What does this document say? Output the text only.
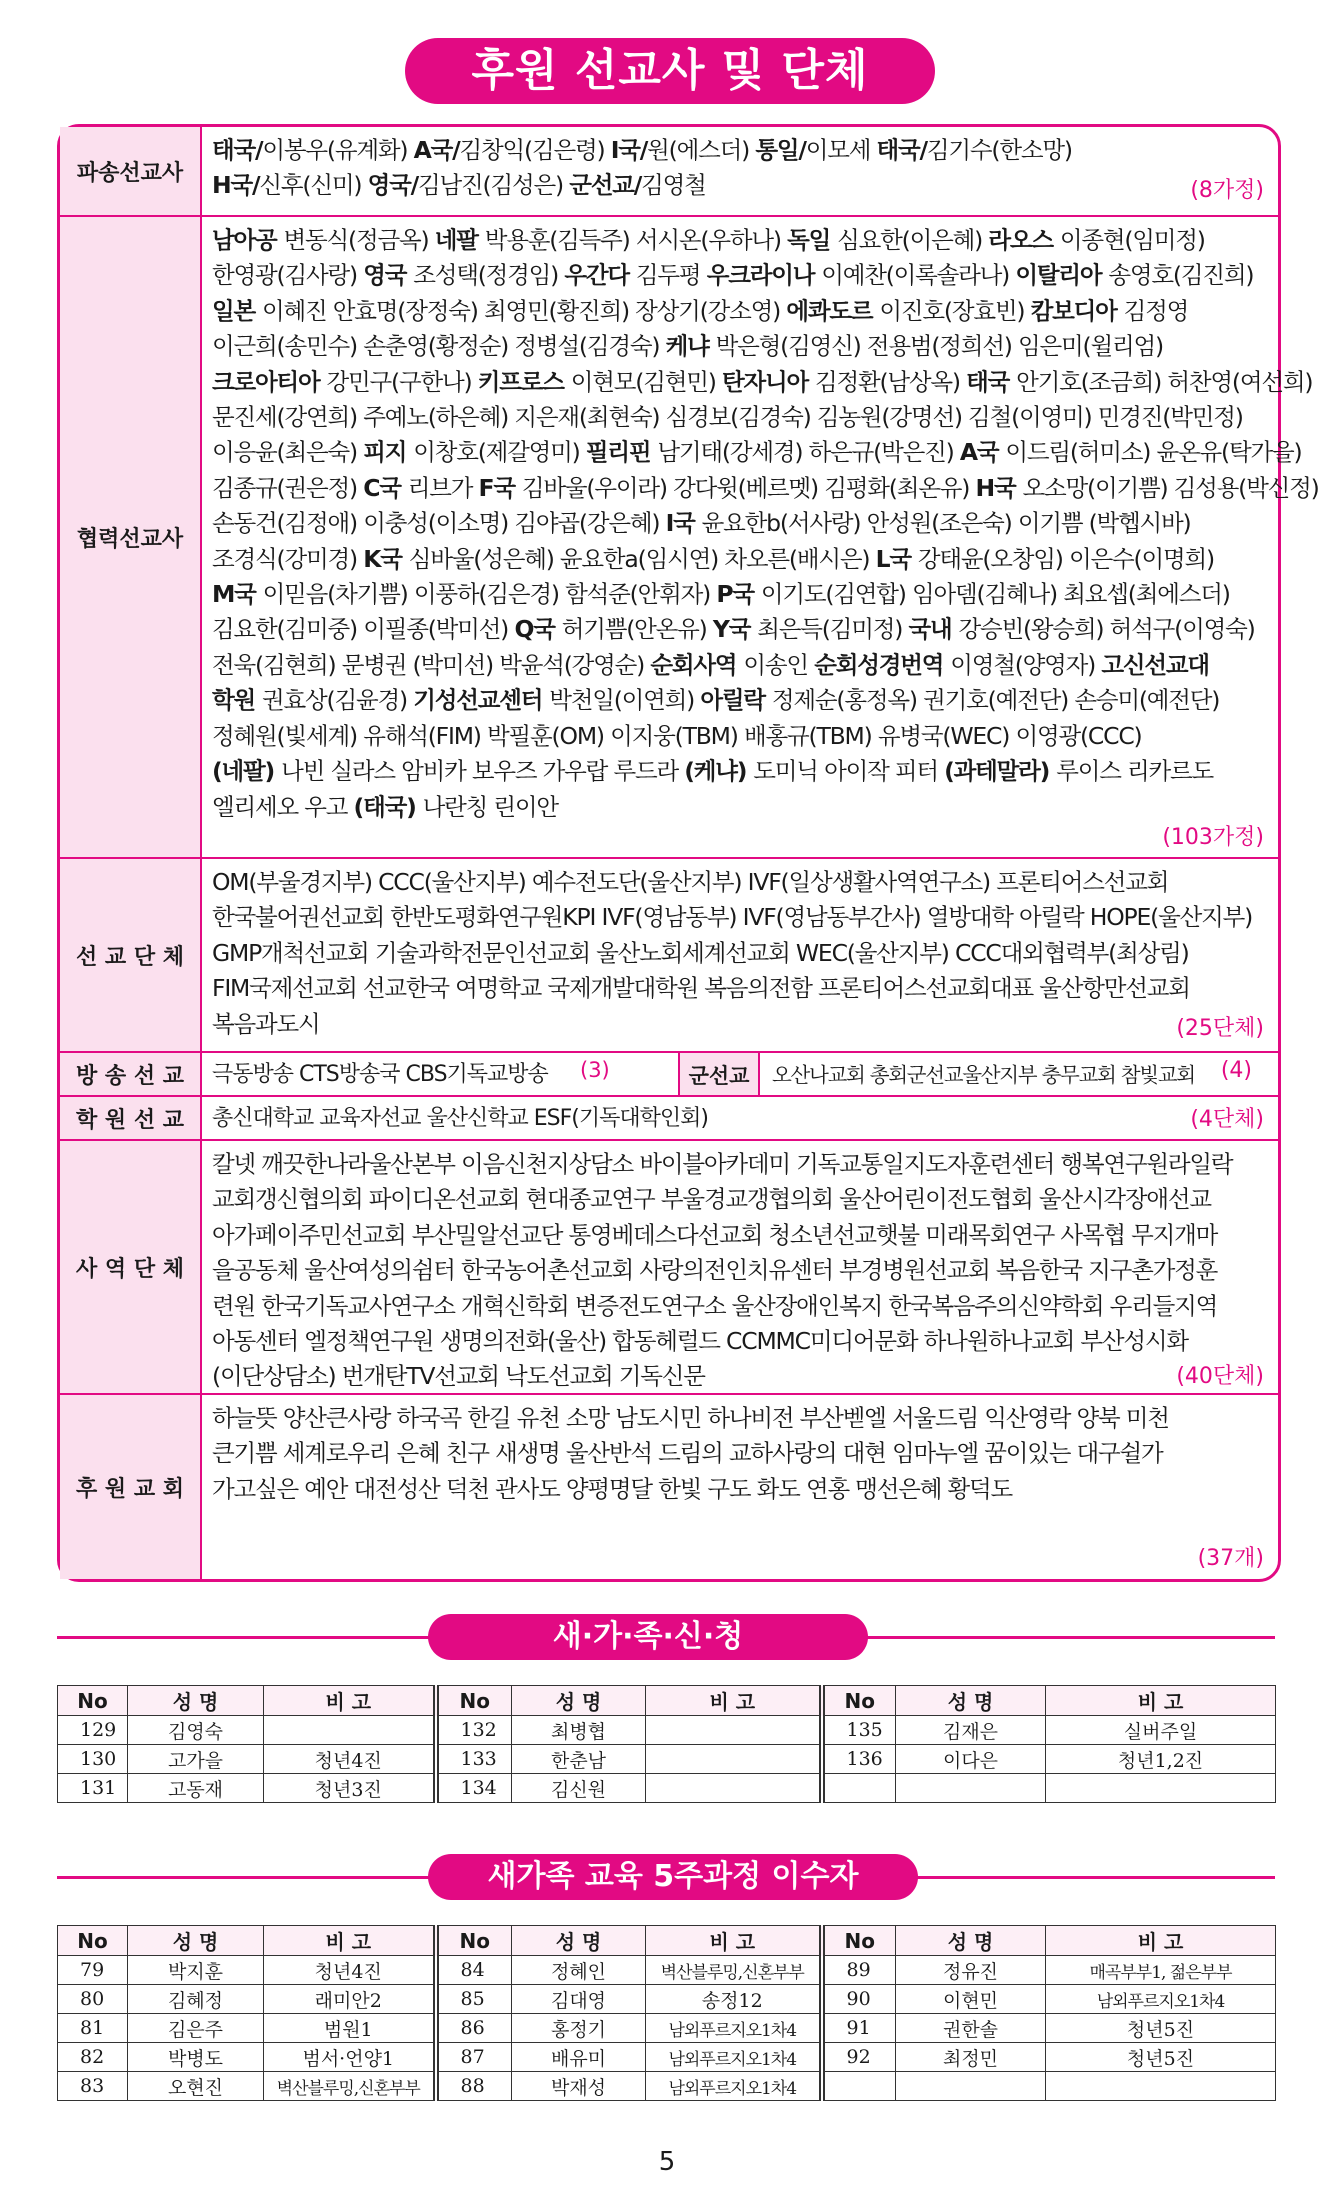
후원 선교사 및 단체
파송선교사

태국/이봉우(유계화) A국/김창익(김은령) I국/원(에스더) 통일/이모세 태국/김기수(한소망)

H국/신후(신미) 영국/김남진(김성은) 군선교/김영철	(8가정)
협력선교사

남아공 변동식(정금옥) 네팔 박용훈(김득주) 서시온(우하나) 독일 심요한(이은혜) 라오스 이종현(임미정)

한영광(김사랑) 영국 조성택(정경임) 우간다 김두평 우크라이나 이예찬(이록솔라나) 이탈리아 송영호(김진희)

일본 이혜진 안효명(장정숙) 최영민(황진희) 장상기(강소영) 에콰도르 이진호(장효빈) 캄보디아 김정영

이근희(송민수) 손춘영(황정순) 정병설(김경숙) 케냐 박은형(김영신) 전용범(정희선) 임은미(윌리엄)

크로아티아 강민구(구한나) 키프로스 이현모(김현민) 탄자니아 김정환(남상옥) 태국 안기호(조금희) 허찬영(여선희)

문진세(강연희) 주예노(하은혜) 지은재(최현숙) 심경보(김경숙) 김농원(강명선) 김철(이영미) 민경진(박민정)

이응윤(최은숙) 피지 이창호(제갈영미) 필리핀 남기태(강세경) 하은규(박은진) A국 이드림(허미소) 윤온유(탁가을)

김종규(권은정) C국 리브가 F국 김바울(우이라) 강다윗(베르멧) 김평화(최온유) H국 오소망(이기쁨) 김성용(박신정)

손동건(김정애) 이충성(이소명) 김야곱(강은혜) I국 윤요한b(서사랑) 안성원(조은숙) 이기쁨 (박헵시바)

조경식(강미경) K국 심바울(성은혜) 윤요한a(임시연) 차오른(배시은) L국 강태윤(오창임) 이은수(이명희)

M국 이믿음(차기쁨) 이풍하(김은경) 함석준(안휘자) P국 이기도(김연합) 임아뎀(김혜나) 최요셉(최에스더)

김요한(김미중) 이필종(박미선) Q국 허기쁨(안온유) Y국 최은득(김미정) 국내 강승빈(왕승희) 허석구(이영숙)

전욱(김현희) 문병권 (박미선) 박윤석(강영순) 순회사역 이송인 순회성경번역 이영철(양영자) 고신선교대

학원 권효상(김윤경) 기성선교센터 박천일(이연희) 아릴락 정제순(홍정옥) 권기호(예전단) 손승미(예전단)

정혜원(빛세계) 유해석(FIM) 박필훈(OM) 이지웅(TBM) 배홍규(TBM) 유병국(WEC) 이영광(CCC)

(네팔) 나빈 실라스 암비카 보우즈 가우랍 루드라 (케냐) 도미닉 아이작 피터 (과테말라) 루이스 리카르도

엘리세오 우고 (태국) 나란칭 린이안

(103가정)
선 교 단 체

OM(부울경지부) CCC(울산지부) 예수전도단(울산지부) IVF(일상생활사역연구소) 프론티어스선교회

한국불어권선교회 한반도평화연구원KPI IVF(영남동부) IVF(영남동부간사) 열방대학 아릴락 HOPE(울산지부)

GMP개척선교회 기술과학전문인선교회 울산노회세계선교회 WEC(울산지부) CCC대외협력부(최상림)

FIM국제선교회 선교한국 여명학교 국제개발대학원 복음의전함 프론티어스선교회대표 울산항만선교회

복음과도시	(25단체)
방 송 선 교	극동방송 CTS방송국 CBS기독교방송 (3)	군선교	오산나교회 총회군선교울산지부 충무교회 참빛교회 (4)
학 원 선 교	총신대학교 교육자선교 울산신학교 ESF(기독대학인회)	(4단체)
사 역 단 체

칼넷 깨끗한나라울산본부 이음신천지상담소 바이블아카데미 기독교통일지도자훈련센터 행복연구원라일락

교회갱신협의회 파이디온선교회 현대종교연구 부울경교갱협의회 울산어린이전도협회 울산시각장애선교

아가페이주민선교회 부산밀알선교단 통영베데스다선교회 청소년선교햇불 미래목회연구 사목협 무지개마

을공동체 울산여성의쉼터 한국농어촌선교회 사랑의전인치유센터 부경병원선교회 복음한국 지구촌가정훈

련원 한국기독교사연구소 개혁신학회 변증전도연구소 울산장애인복지 한국복음주의신약학회 우리들지역

아동센터 엘정책연구원 생명의전화(울산) 합동헤럴드 CCMMC미디어문화 하나원하나교회 부산성시화

(이단상담소) 번개탄TV선교회 낙도선교회 기독신문	(40단체)
후 원 교 회

하늘뜻 양산큰사랑 하국곡 한길 유천 소망 남도시민 하나비전 부산벧엘 서울드림 익산영락 양북 미천

큰기쁨 세계로우리 은혜 친구 새생명 울산반석 드림의 교하사랑의 대현 임마누엘 꿈이있는 대구쉴가

가고싶은 예안 대전성산 덕천 관사도 양평명달 한빛 구도 화도 연홍 맹선은혜 황덕도

(37개)
새·가·족·신·청
No	성 명	비 고	No	성 명	비 고	No	성 명	비 고
129	김영숙		132	최병협		135	김재은	실버주일
130	고가을	청년4진	133	한춘남		136	이다은	청년1,2진
131	고동재	청년3진	134	김신원				
새가족 교육 5주과정 이수자
No	성 명	비 고	No	성 명	비 고	No	성 명	비 고
79	박지훈	청년4진	84	정혜인	벽산블루밍,신혼부부	89	정유진	매곡부부1, 젊은부부
80	김혜정	래미안2	85	김대영	송정12	90	이현민	남외푸르지오1차4
81	김은주	범원1	86	홍정기	남외푸르지오1차4	91	권한솔	청년5진
82	박병도	범서·언양1	87	배유미	남외푸르지오1차4	92	최정민	청년5진
83	오현진	벽산블루밍,신혼부부	88	박재성	남외푸르지오1차4			
5
